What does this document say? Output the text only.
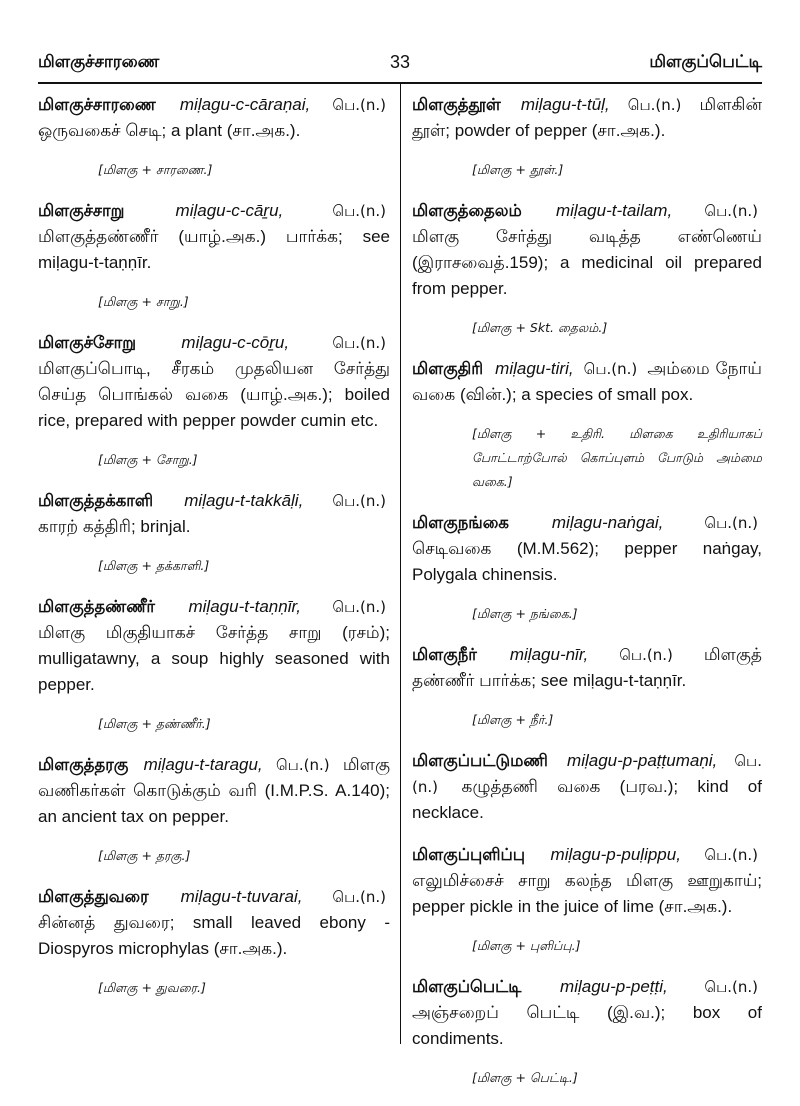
மிளகுச்சாரணை	33	மிளகுப்பெட்டி

மிளகுச்சாரணை miḷagu-c-cāraṇai, பெ.(n.) ஒருவகைச் செடி; a plant (சா.அக.).

[மிளகு + சாரணை.]

மிளகுச்சாறு	miḷagu-c-cāṟu,	பெ.(n.) மிளகுத்தண்ணீர் (யாழ்.அக.) பார்க்க; see miḷagu-t-taṇṇīr.

[மிளகு + சாறு.]

மிளகுச்சோறு	miḷagu-c-cōṟu,	பெ.(n.) மிளகுப்பொடி, சீரகம் முதலியன சேர்த்து செய்த பொங்கல் வகை (யாழ்.அக.); boiled rice, prepared with pepper powder cumin etc.

[மிளகு + சோறு.]

மிளகுத்தக்காளி miḷagu-t-takkāḷi, பெ.(n.) காரற் கத்திரி; brinjal.

[மிளகு + தக்காளி.]

மிளகுத்தண்ணீர் miḷagu-t-taṇṇīr, பெ.(n.) மிளகு மிகுதியாகச் சேர்த்த சாறு (ரசம்); mulligatawny, a soup highly seasoned with pepper.

[மிளகு + தண்ணீர்.]

மிளகுத்தரகு miḷagu-t-taragu, பெ.(n.) மிளகு வணிகர்கள் கொடுக்கும் வரி (I.M.P.S. A.140); an ancient tax on pepper.

[மிளகு + தரகு.]

மிளகுத்துவரை miḷagu-t-tuvarai, பெ.(n.) சின்னத் துவரை; small leaved ebony - Diospyros microphylas (சா.அக.).

[மிளகு + துவரை.]

மிளகுத்தூள் miḷagu-t-tūḷ, பெ.(n.) மிளகின் தூள்; powder of pepper (சா.அக.).

[மிளகு + தூள்.]

மிளகுத்தைலம் miḷagu-t-tailam, பெ.(n.) மிளகு சேர்த்து வடித்த எண்ணெய் (இராசவைத்.159); a medicinal oil prepared from pepper.

[மிளகு + Skt. தைலம்.]

மிளகுதிரி miḷagu-tiri, பெ.(n.) அம்மை நோய் வகை (வின்.); a species of small pox.

[மிளகு + உதிரி. மிளகை உதிரியாகப் போட்டாற்போல் கொப்புளம் போடும் அம்மை வகை.]

மிளகுநங்கை	miḷagu-naṅgai,	பெ.(n.) செடிவகை (M.M.562); pepper naṅgay, Polygala chinensis.

[மிளகு + நங்கை.]

மிளகுநீர் miḷagu-nīr, பெ.(n.) மிளகுத் தண்ணீர் பார்க்க; see miḷagu-t-taṇṇīr.

[மிளகு + நீர்.]

மிளகுப்பட்டுமணி miḷagu-p-paṭṭumaṇi, பெ.(n.) கழுத்தணி வகை (பரவ.); kind of necklace.

மிளகுப்புளிப்பு miḷagu-p-puḷippu, பெ.(n.) எலுமிச்சைச் சாறு கலந்த மிளகு ஊறுகாய்; pepper pickle in the juice of lime (சா.அக.).

[மிளகு + புளிப்பு.]

மிளகுப்பெட்டி miḷagu-p-peṭṭi, பெ.(n.) அஞ்சறைப் பெட்டி (இ.வ.); box of condiments.

[மிளகு + பெட்டி.]
